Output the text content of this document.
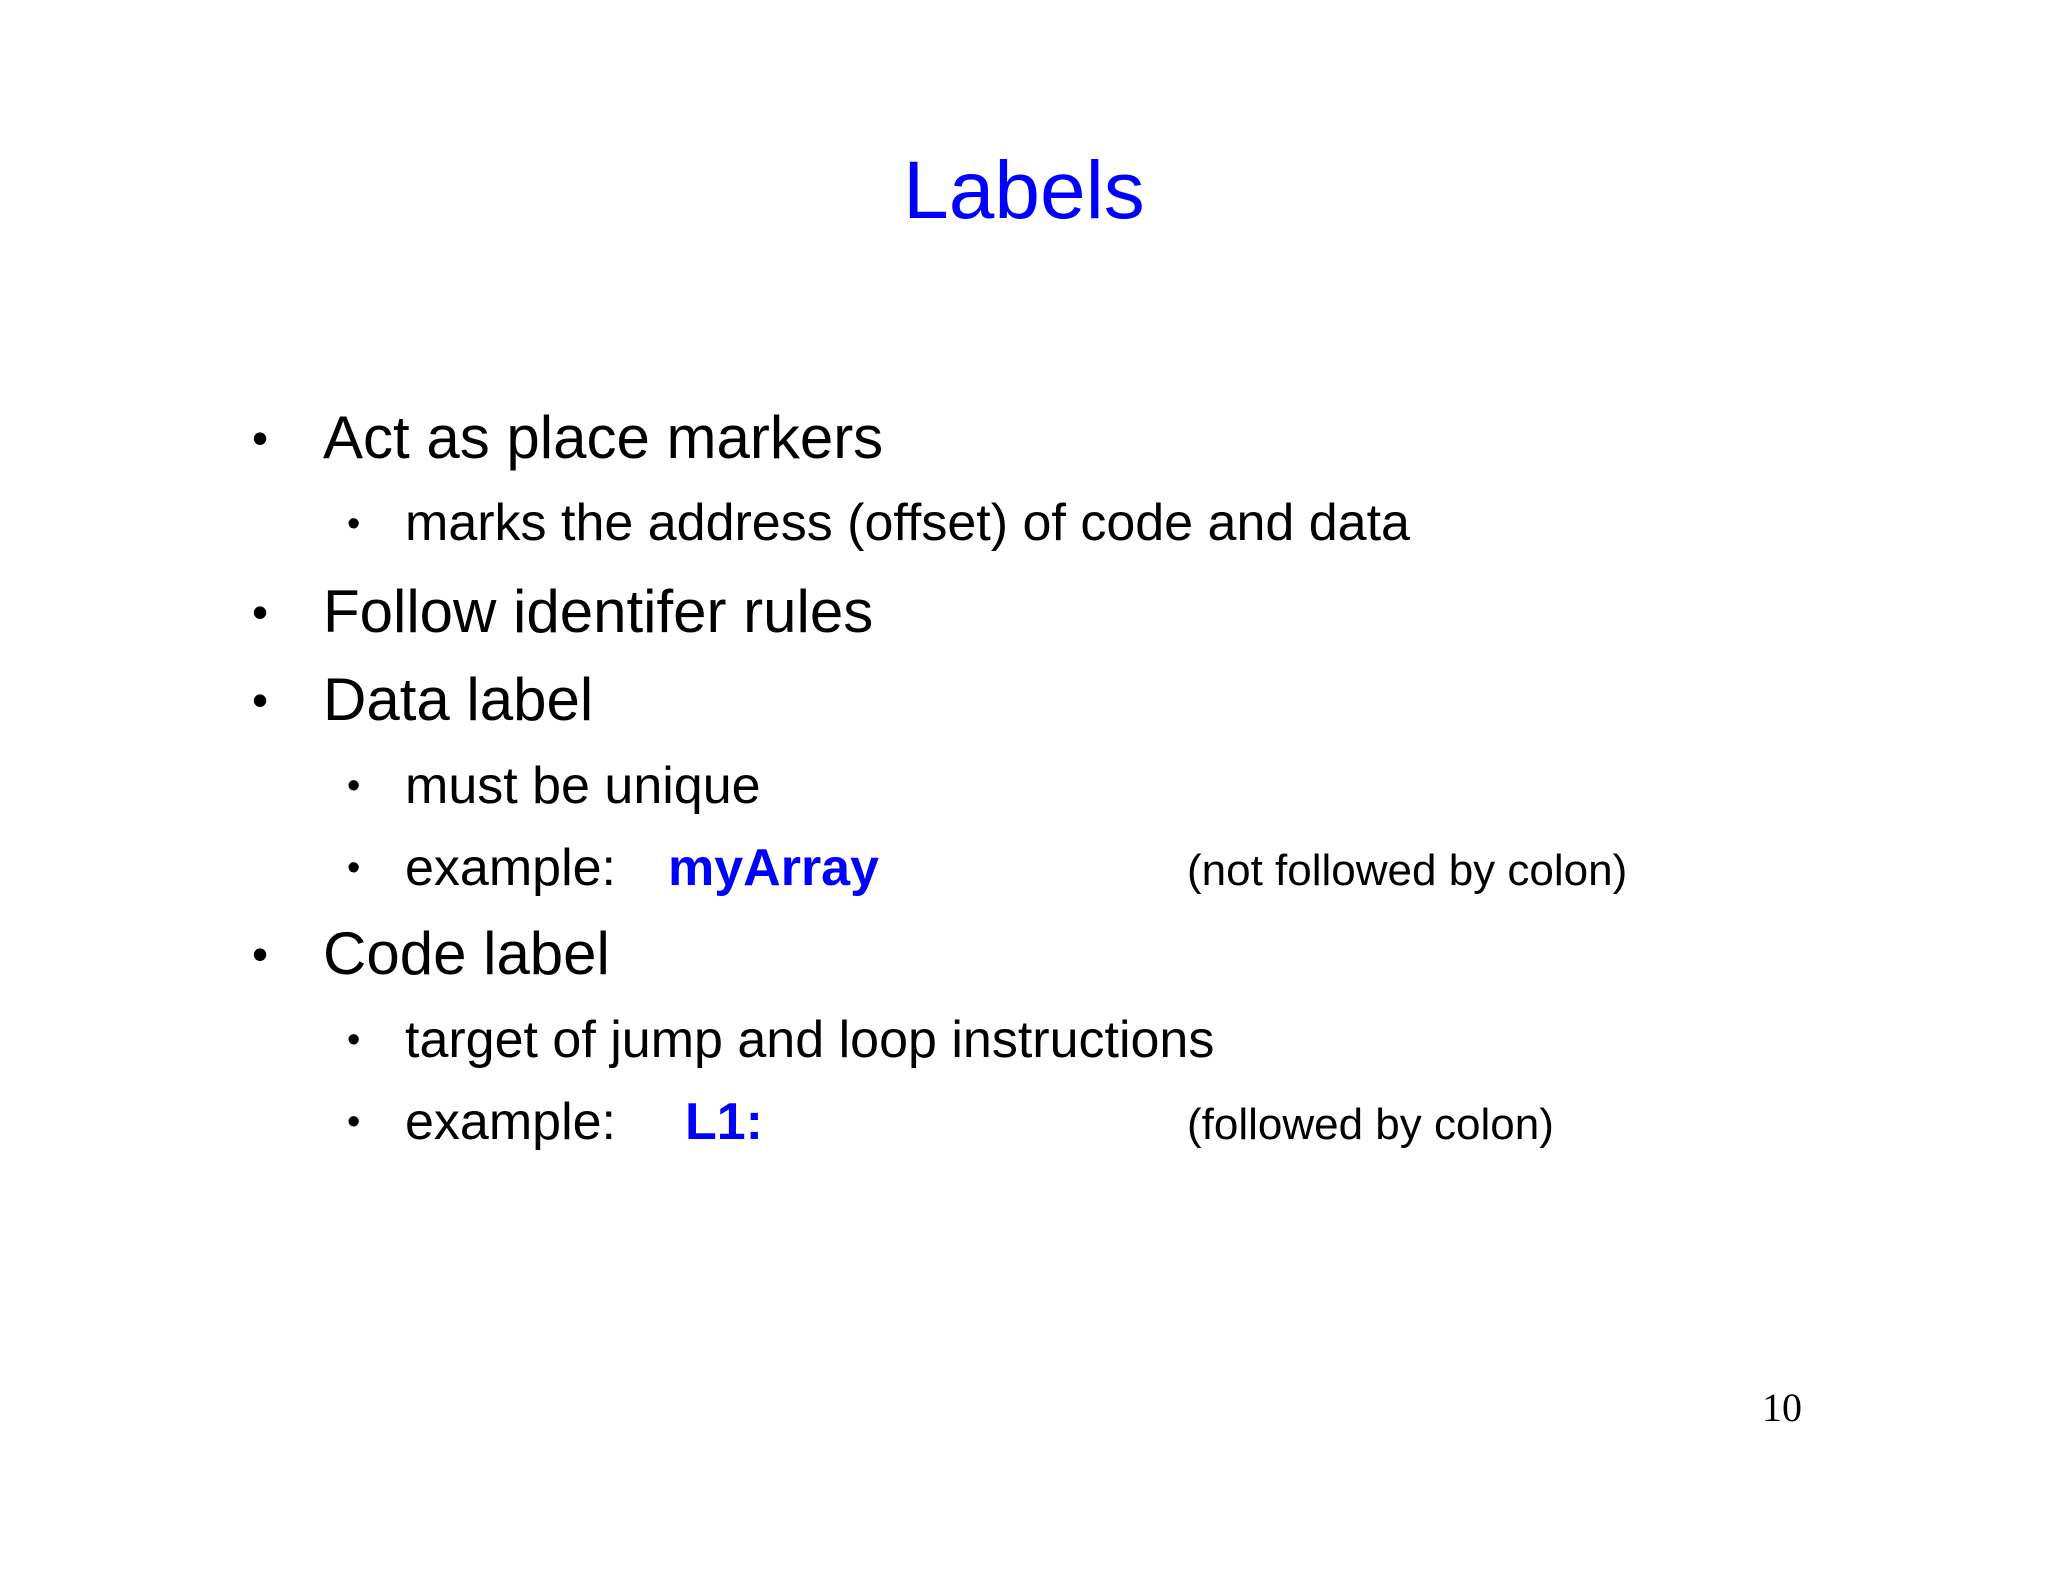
Labels
• Act as place markers
• marks the address (offset) of code and data
• Follow identifer rules
• Data label
• must be unique
• example: myArray	(not followed by colon)
• Code label
• target of jump and loop instructions
• example: L1:	(followed by colon)
10
